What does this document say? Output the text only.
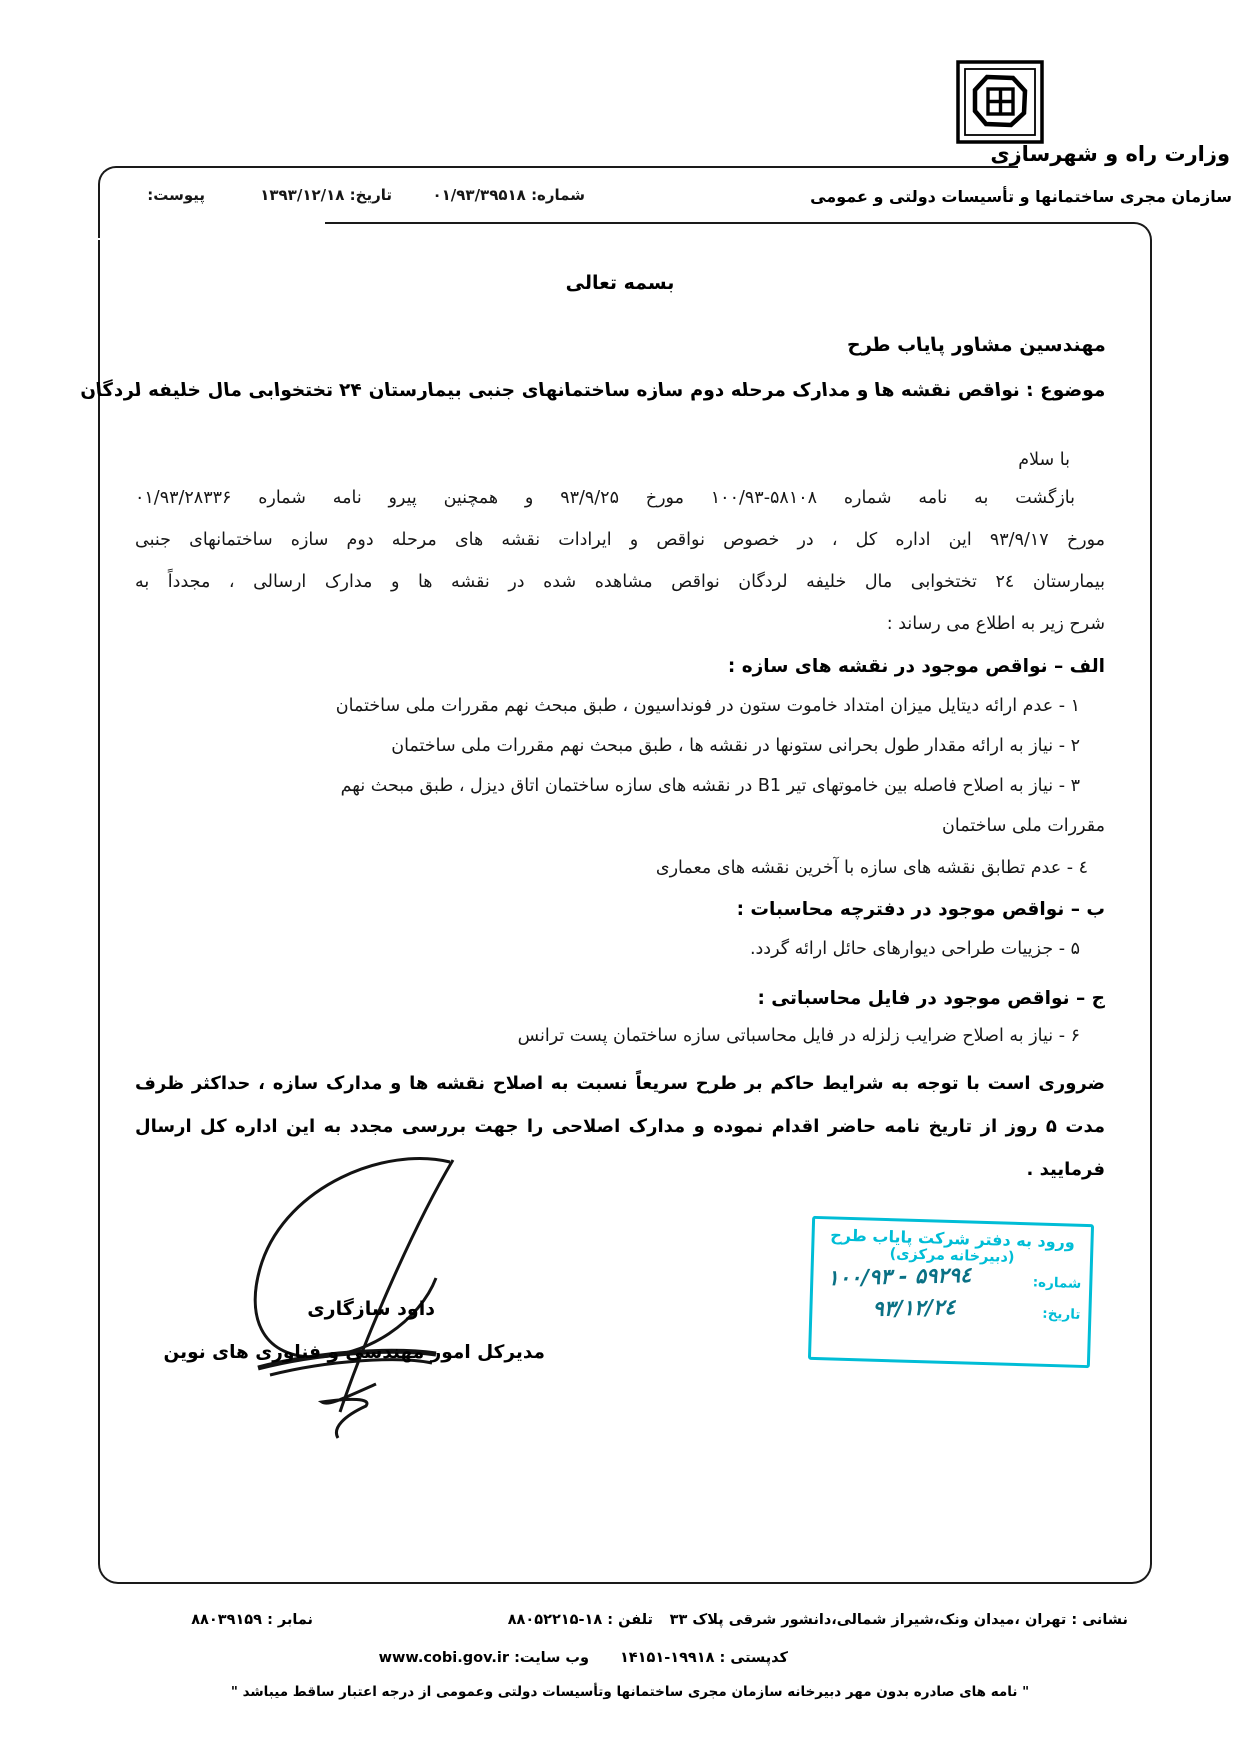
وزارت راه و شهرسازی
سازمان مجری ساختمانها و تأسیسات دولتی و عمومی
شماره: ۰۱/۹۳/۳۹۵۱۸
تاریخ: ۱۳۹۳/۱۲/۱۸
پیوست:
بسمه تعالی
مهندسین مشاور پایاب طرح
موضوع : نواقص نقشه ها و مدارک مرحله دوم سازه ساختمانهای جنبی بیمارستان ۲۴ تختخوابی مال خلیفه لردگان
با سلام
بازگشت به نامه شماره ۵۸۱۰۸-۱۰۰/۹۳ مورخ ۹۳/۹/۲۵ و همچنین پیرو نامه شماره ۰۱/۹۳/۲۸۳۳۶
مورخ ۹۳/۹/۱۷ این اداره کل ، در خصوص نواقص و ایرادات نقشه های مرحله دوم سازه ساختمانهای جنبی
بیمارستان ۲٤ تختخوابی مال خلیفه لردگان نواقص مشاهده شده در نقشه ها و مدارک ارسالی ، مجدداً به
شرح زیر به اطلاع می رساند :
الف – نواقص موجود در نقشه های سازه :
۱ - عدم ارائه دیتایل میزان امتداد خاموت ستون در فونداسیون ، طبق مبحث نهم مقررات ملی ساختمان
۲ - نیاز به ارائه مقدار طول بحرانی ستونها در نقشه ها ، طبق مبحث نهم مقررات ملی ساختمان
۳ - نیاز به اصلاح فاصله بین خاموتهای تیر B1 در نقشه های سازه ساختمان اتاق دیزل ، طبق مبحث نهم
مقررات ملی ساختمان
٤ - عدم تطابق نقشه های سازه با آخرین نقشه های معماری
ب – نواقص موجود در دفترچه محاسبات :
۵ - جزییات طراحی دیوارهای حائل ارائه گردد.
ج – نواقص موجود در فایل محاسباتی :
۶ - نیاز به اصلاح ضرایب زلزله در فایل محاسباتی سازه ساختمان پست ترانس
ضروری است با توجه به شرایط حاکم بر طرح سریعاً نسبت به اصلاح نقشه ها و مدارک سازه ، حداکثر ظرف
مدت ۵ روز از تاریخ نامه حاضر اقدام نموده و مدارک اصلاحی را جهت بررسی مجدد به این اداره کل ارسال
فرمایید .
داود سازگاری
مدیرکل امور مهندسی و فناوری های نوین
ورود به دفتر شرکت پایاب طرح
(دبیرخانه مرکزی)
شماره:
۱۰۰/۹۳ - ۵۹۲۹٤
تاریخ:
۹۳/۱۲/۲٤
نشانی : تهران ،میدان ونک،شیراز شمالی،دانشور شرقی پلاک ۳۳
تلفن : ۸۸۰۵۲۲۱۵-۱۸
نمابر : ۸۸۰۳۹۱۵۹
کدپستی : ۱۴۱۵۱-۱۹۹۱۸
وب سایت: www.cobi.gov.ir
" نامه های صادره بدون مهر دبیرخانه سازمان مجری ساختمانها وتأسیسات دولتی وعمومی از درجه اعتبار ساقط میباشد "
